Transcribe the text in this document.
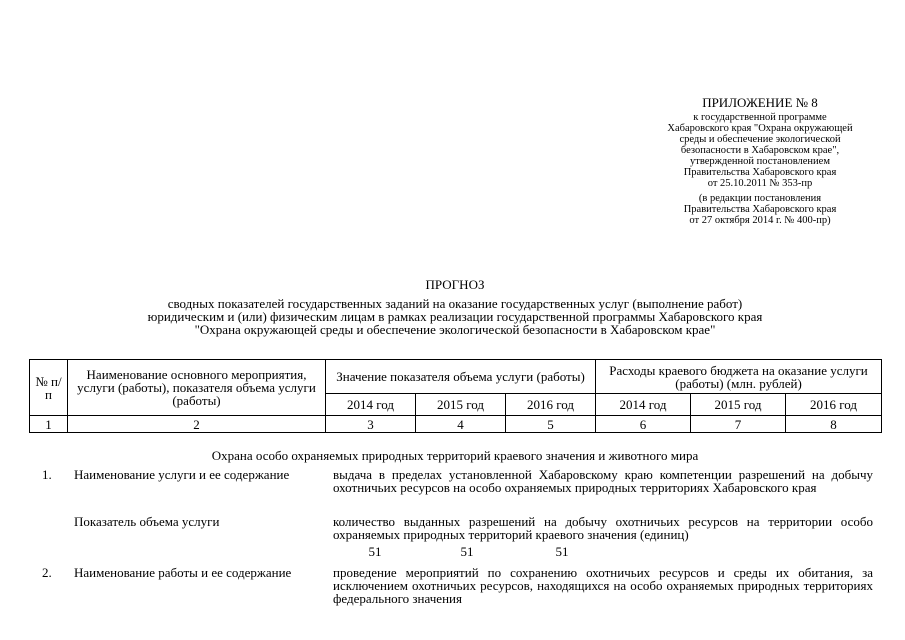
ПРИЛОЖЕНИЕ № 8
к государственной программе
Хабаровского края "Охрана окружающей
среды и обеспечение экологической
безопасности в Хабаровском крае",
утвержденной постановлением
Правительства Хабаровского края
от 25.10.2011 № 353-пр
(в редакции постановления
Правительства Хабаровского края
от 27 октября 2014 г. № 400-пр)
ПРОГНОЗ
сводных показателей государственных заданий на оказание государственных услуг (выполнение работ)
юридическим и (или) физическим лицам в рамках реализации государственной программы Хабаровского края
"Охрана окружающей среды и обеспечение экологической безопасности в Хабаровском крае"
№ п/п	Наименование основного мероприятия, услуги (работы), показателя объема услуги (работы)	Значение показателя объема услуги (работы)			Расходы краевого бюджета на оказание услуги (работы) (млн. рублей)		
		2014 год	2015 год	2016 год	2014 год	2015 год	2016 год
1	2	3	4	5	6	7	8
Охрана особо охраняемых природных территорий краевого значения и животного мира
1. Наименование услуги и ее содержание	выдача в пределах установленной Хабаровскому краю компетенции разрешений на добычу охотничьих ресурсов на особо охраняемых природных территориях Хабаровского края
Показатель объема услуги	количество выданных разрешений на добычу охотничьих ресурсов на территории особо охраняемых природных территорий краевого значения (единиц)
51	51	51
2. Наименование работы и ее содержание	проведение мероприятий по сохранению охотничьих ресурсов и среды их обитания, за исключением охотничьих ресурсов, находящихся на особо охраняемых природных территориях федерального значения
